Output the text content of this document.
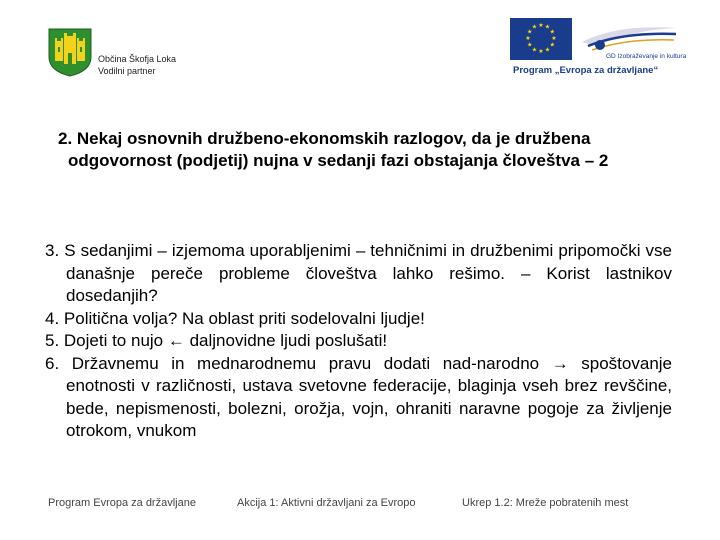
Občina Škofja Loka
Vodilni partner
★ ★
★
★
★
★
★
★
★
★
★
★
GD Izobraževanje in kultura
Program „Evropa za državljane“
2. Nekaj osnovnih družbeno-ekonomskih razlogov, da je družbena odgovornost (podjetij) nujna v sedanji fazi obstajanja človeštva – 2
3. S sedanjimi – izjemoma uporabljenimi – tehničnimi in družbenimi pripomočki vse današnje pereče probleme človeštva lahko rešimo. – Korist lastnikov dosedanjih?
4. Politična volja? Na oblast priti sodelovalni ljudje!
5. Dojeti to nujo ← daljnovidne ljudi poslušati!
6. Državnemu in mednarodnemu pravu dodati nad-narodno → spoštovanje enotnosti v različnosti, ustava svetovne federacije, blaginja vseh brez revščine, bede, nepismenosti, bolezni, orožja, vojn, ohraniti naravne pogoje za življenje otrokom, vnukom
Program Evropa za državljane	Akcija 1: Aktivni državljani za Evropo	Ukrep 1.2: Mreže pobratenih mest
